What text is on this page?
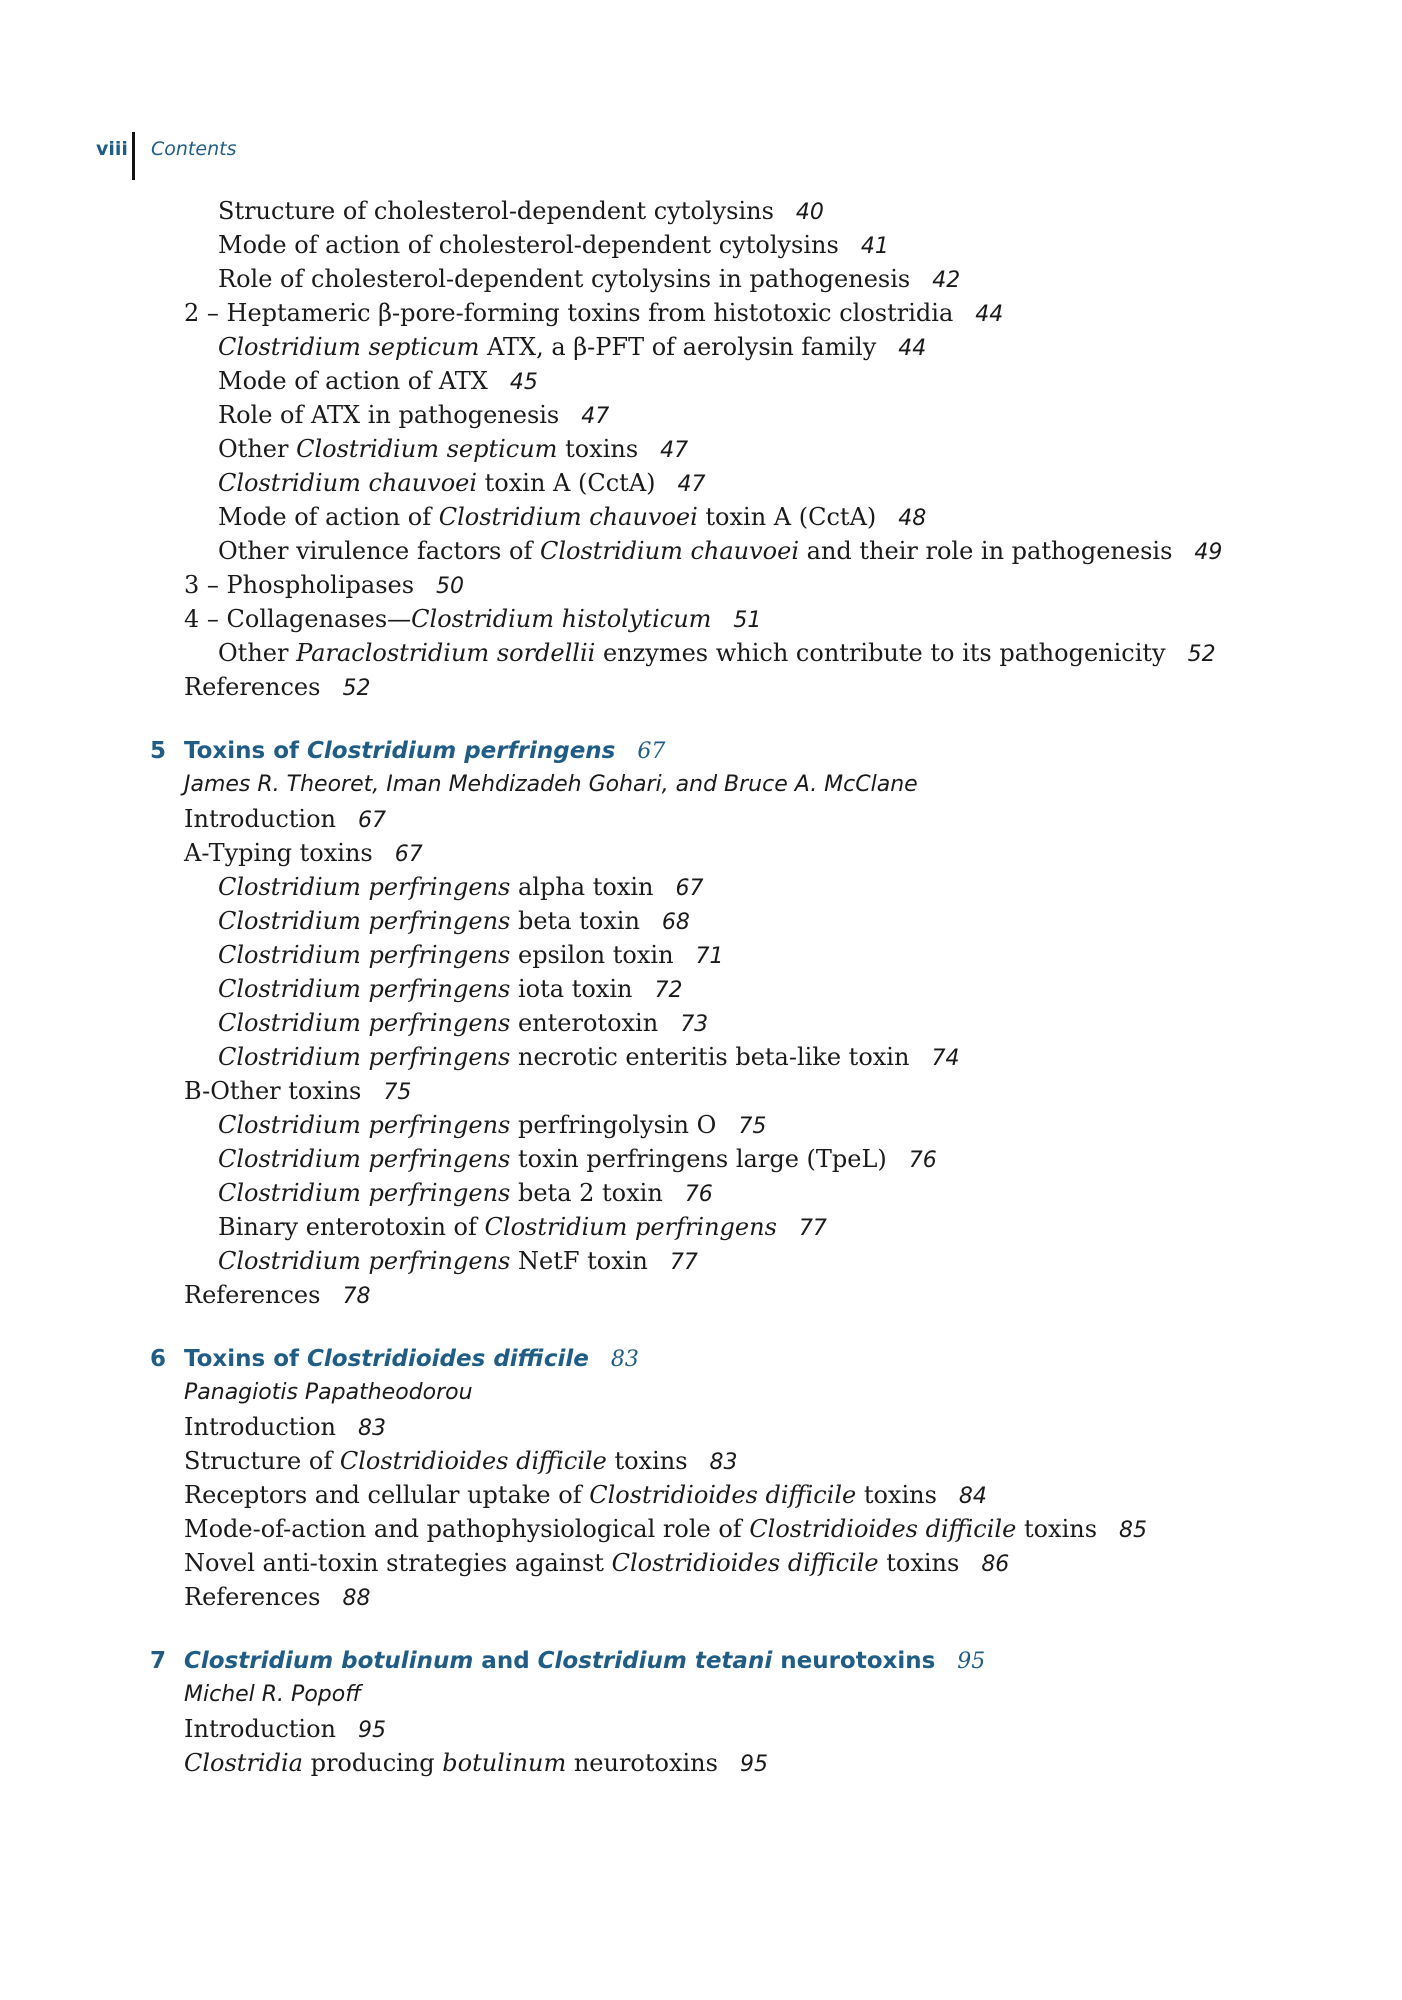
viii Contents
Structure of cholesterol-dependent cytolysins 40
Mode of action of cholesterol-dependent cytolysins 41
Role of cholesterol-dependent cytolysins in pathogenesis 42
2 – Heptameric β-pore-forming toxins from histotoxic clostridia 44
Clostridium septicum ATX, a β-PFT of aerolysin family 44
Mode of action of ATX 45
Role of ATX in pathogenesis 47
Other Clostridium septicum toxins 47
Clostridium chauvoei toxin A (CctA) 47
Mode of action of Clostridium chauvoei toxin A (CctA) 48
Other virulence factors of Clostridium chauvoei and their role in pathogenesis 49
3 – Phospholipases 50
4 – Collagenases—Clostridium histolyticum 51
Other Paraclostridium sordellii enzymes which contribute to its pathogenicity 52
References 52
5 Toxins of Clostridium perfringens 67
James R. Theoret, Iman Mehdizadeh Gohari, and Bruce A. McClane
Introduction 67
A-Typing toxins 67
Clostridium perfringens alpha toxin 67
Clostridium perfringens beta toxin 68
Clostridium perfringens epsilon toxin 71
Clostridium perfringens iota toxin 72
Clostridium perfringens enterotoxin 73
Clostridium perfringens necrotic enteritis beta-like toxin 74
B-Other toxins 75
Clostridium perfringens perfringolysin O 75
Clostridium perfringens toxin perfringens large (TpeL) 76
Clostridium perfringens beta 2 toxin 76
Binary enterotoxin of Clostridium perfringens 77
Clostridium perfringens NetF toxin 77
References 78
6 Toxins of Clostridioides difficile 83
Panagiotis Papatheodorou
Introduction 83
Structure of Clostridioides difficile toxins 83
Receptors and cellular uptake of Clostridioides difficile toxins 84
Mode-of-action and pathophysiological role of Clostridioides difficile toxins 85
Novel anti-toxin strategies against Clostridioides difficile toxins 86
References 88
7 Clostridium botulinum and Clostridium tetani neurotoxins 95
Michel R. Popoff
Introduction 95
Clostridia producing botulinum neurotoxins 95
